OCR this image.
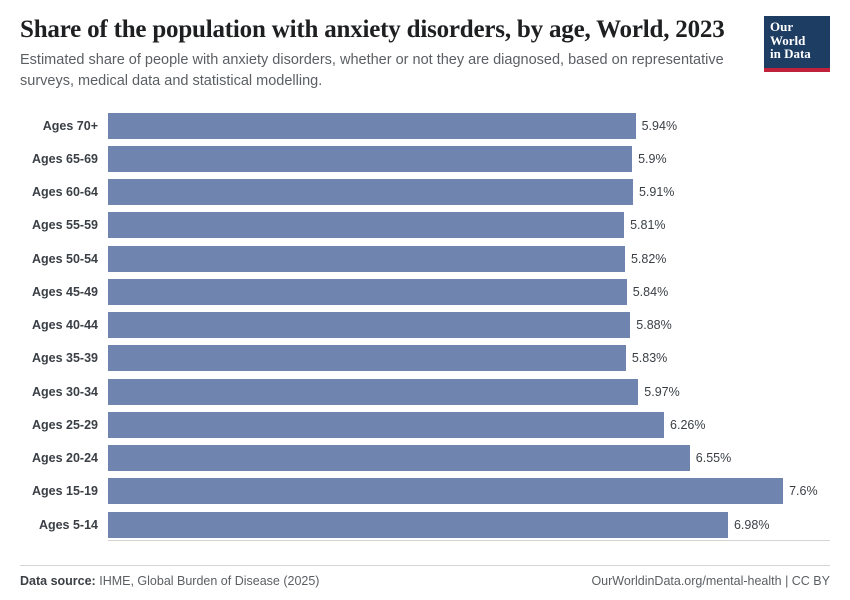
Share of the population with anxiety disorders, by age, World, 2023

Estimated share of people with anxiety disorders, whether or not they are diagnosed, based on representative surveys, medical data and statistical modelling.

Our World
in Data
Ages 70+	5.94%
Ages 65-69	5.9%
Ages 60-64	5.91%
Ages 55-59	5.81%
Ages 50-54	5.82%
Ages 45-49	5.84%
Ages 40-44	5.88%
Ages 35-39	5.83%
Ages 30-34	5.97%
Ages 25-29	6.26%
Ages 20-24	6.55%
Ages 15-19	7.6%
Ages 5-14	6.98%
Data source: IHME, Global Burden of Disease (2025)	OurWorldinData.org/mental-health | CC BY
